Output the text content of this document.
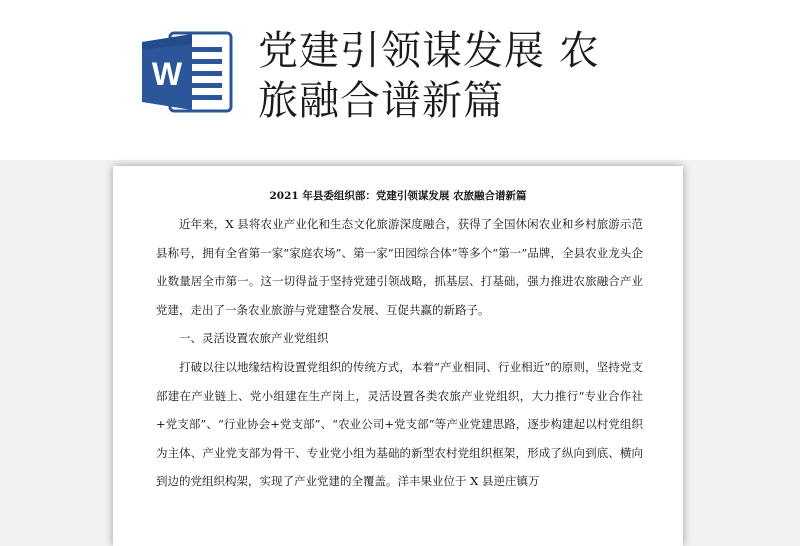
W 党建引领谋发展 农
旅融合谱新篇
2021 年县委组织部：党建引领谋发展 农旅融合谱新篇

近年来，X 县将农业产业化和生态文化旅游深度融合，获得了全国休闲农业和乡村旅游示范县称号，拥有全省第一家“家庭农场”、第一家“田园综合体”等多个“第一”品牌，全县农业龙头企业数量居全市第一。这一切得益于坚持党建引领战略，抓基层、打基础，强力推进农旅融合产业党建，走出了一条农业旅游与党建整合发展、互促共赢的新路子。

一、灵活设置农旅产业党组织

打破以往以地缘结构设置党组织的传统方式，本着“产业相同、行业相近”的原则，坚持党支部建在产业链上、党小组建在生产岗上，灵活设置各类农旅产业党组织，大力推行“专业合作社+党支部”、“行业协会+党支部”、“农业公司+党支部”等产业党建思路，逐步构建起以村党组织为主体、产业党支部为骨干、专业党小组为基础的新型农村党组织框架，形成了纵向到底、横向到边的党组织构架，实现了产业党建的全覆盖。洋丰果业位于 X 县逆庄镇万
